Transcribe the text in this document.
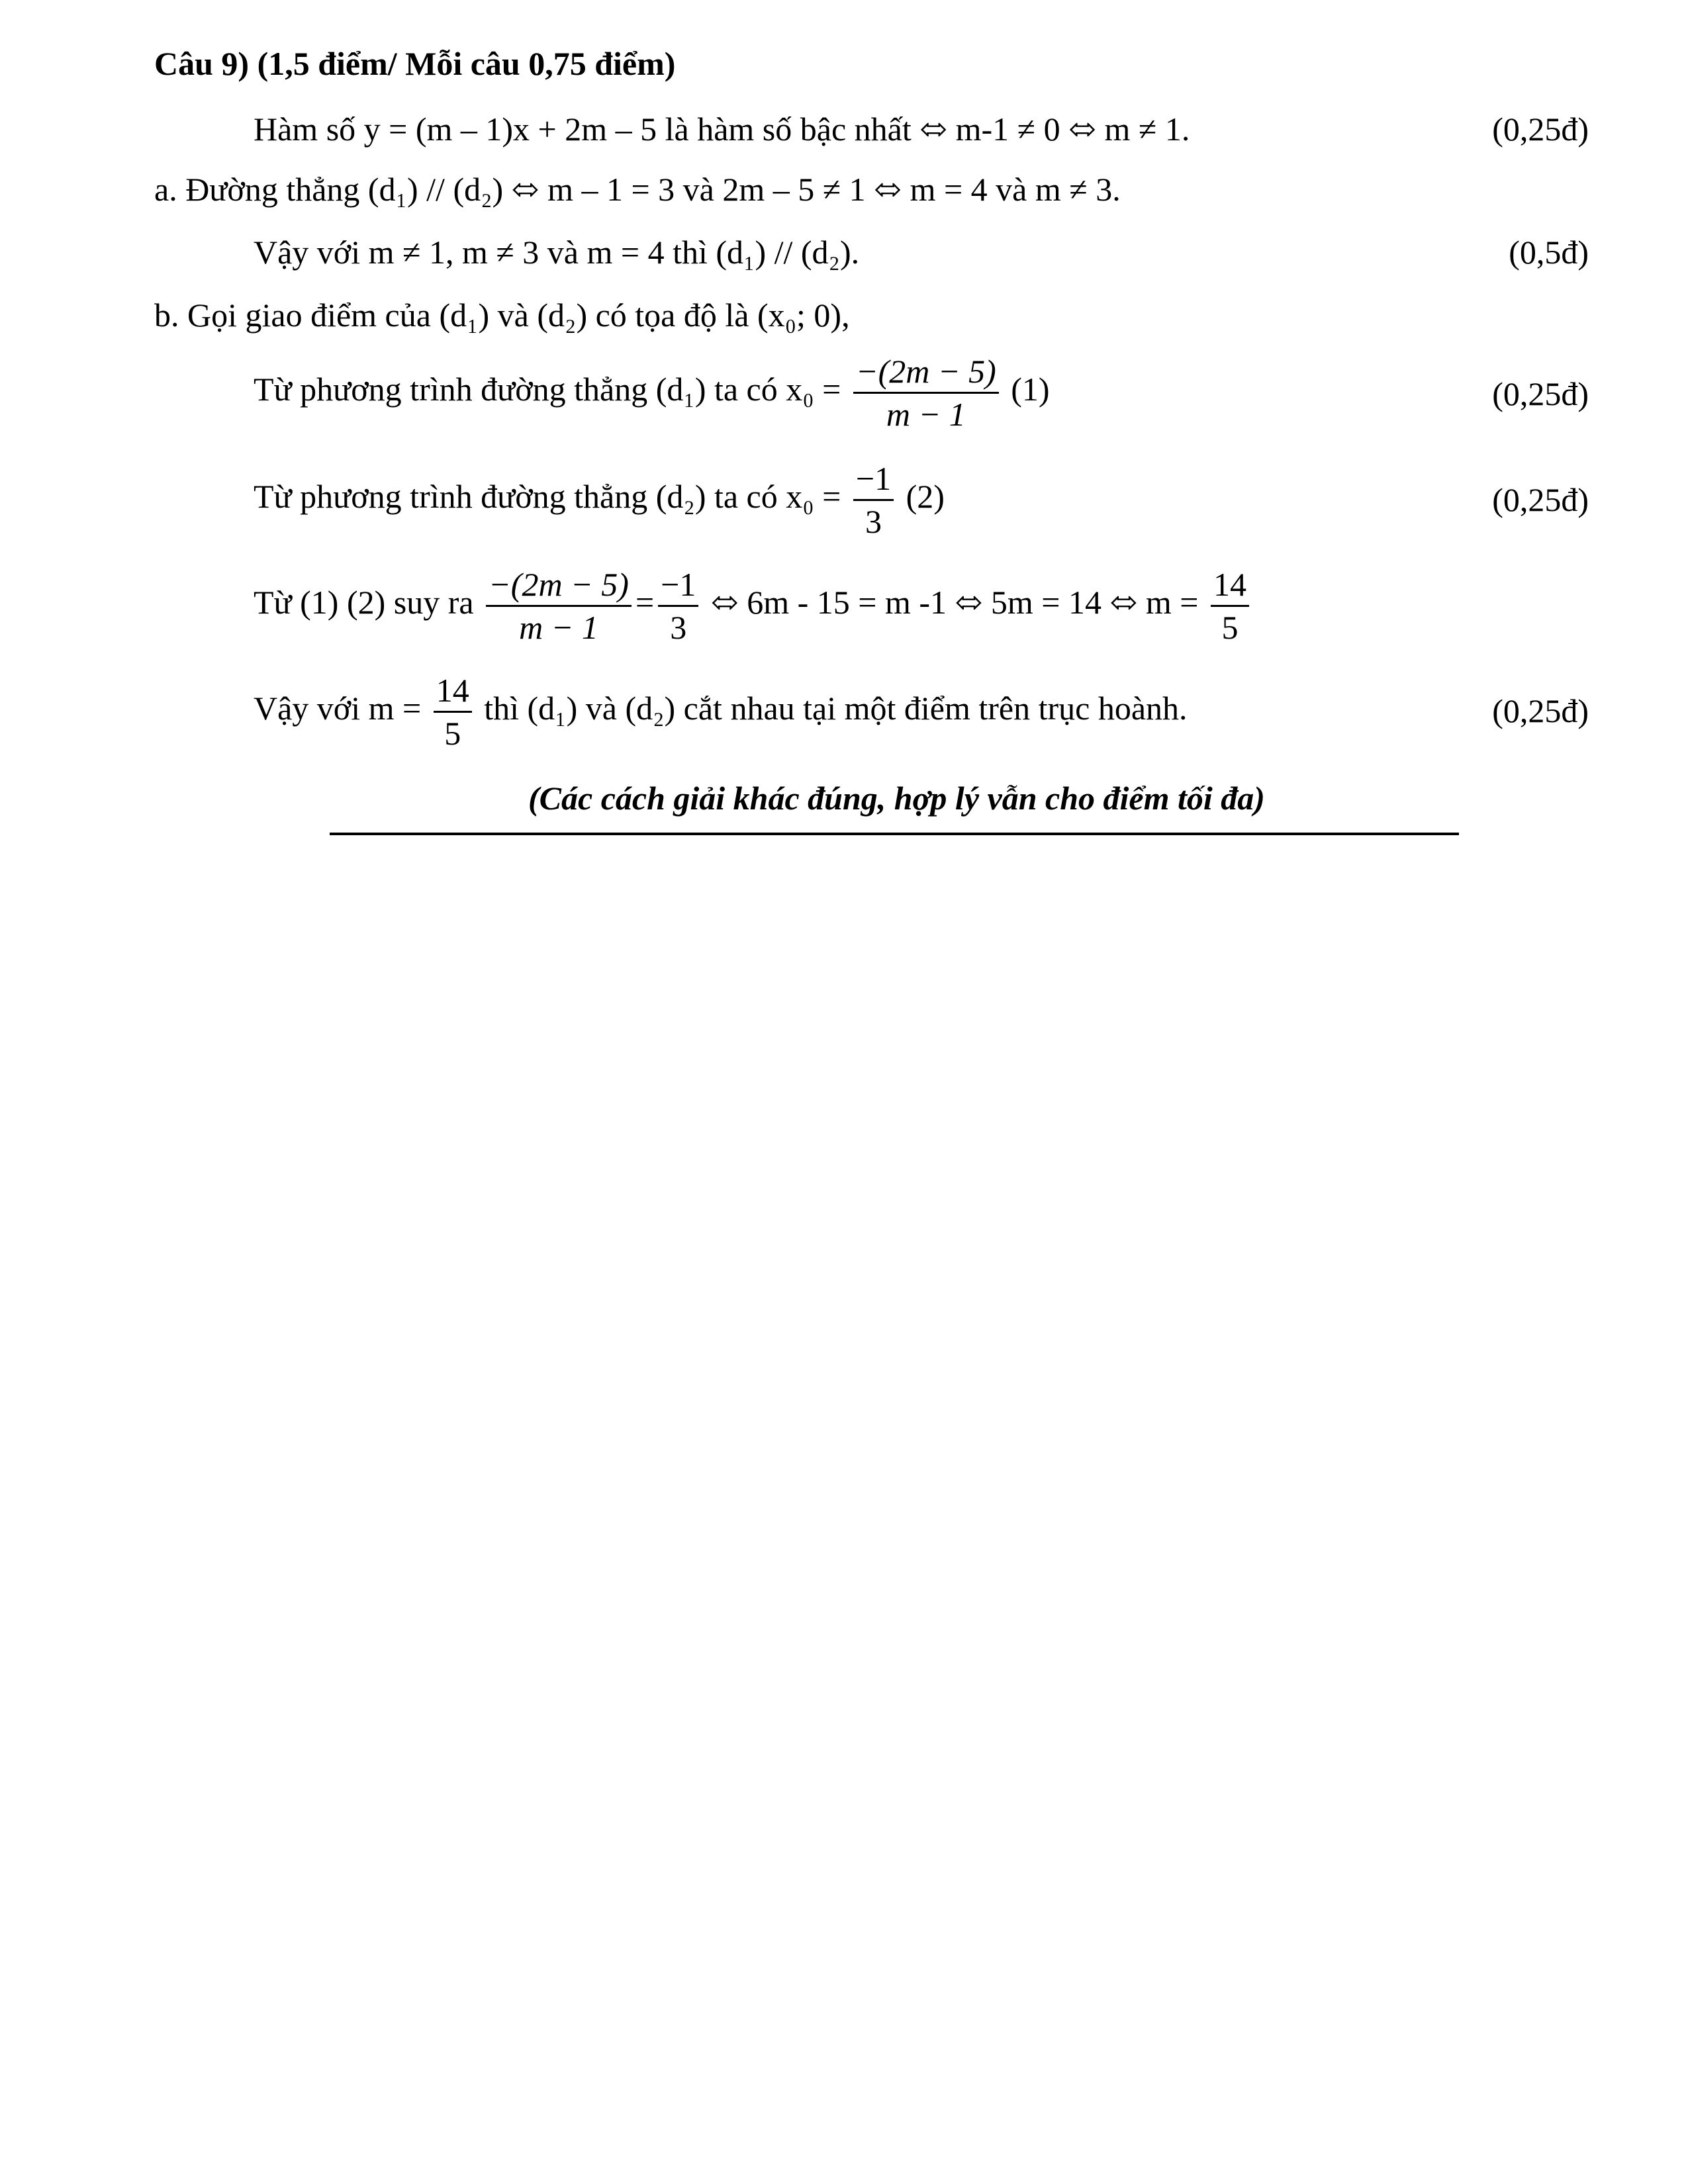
Câu 9) (1,5 điểm/ Mỗi câu 0,75 điểm)
Hàm số y = (m – 1)x + 2m – 5 là hàm số bậc nhất ⬄ m-1 ≠ 0 ⬄ m ≠ 1.	(0,25đ)
a. Đường thẳng (d₁) // (d₂) ⬄ m – 1 = 3 và 2m – 5 ≠ 1 ⬄ m = 4 và m ≠ 3.
Vậy với m ≠ 1, m ≠ 3 và m = 4 thì (d₁) // (d₂).	(0,5đ)
b. Gọi giao điểm của (d₁) và (d₂) có tọa độ là (x₀; 0),
Từ phương trình đường thẳng (d₁) ta có $x_0 = \frac{-(2m - 5)}{m - 1} (1)$	(0,25đ)
Từ phương trình đường thẳng (d₂) ta có $x_0 = \frac{-1}{3} (2)$	(0,25đ)
Từ (1) (2) suy ra $\frac{-(2m - 5)}{m - 1} = \frac{-1}{3}$ ⬄ 6m - 15 = m -1 ⬄ 5m = 14 ⬄ $m = \frac{14}{5}$
Vậy với $m = \frac{14}{5}$ thì (d₁) và (d₂) cắt nhau tại một điểm trên trục hoành.	(0,25đ)
(Các cách giải khác đúng, hợp lý vẫn cho điểm tối đa)
